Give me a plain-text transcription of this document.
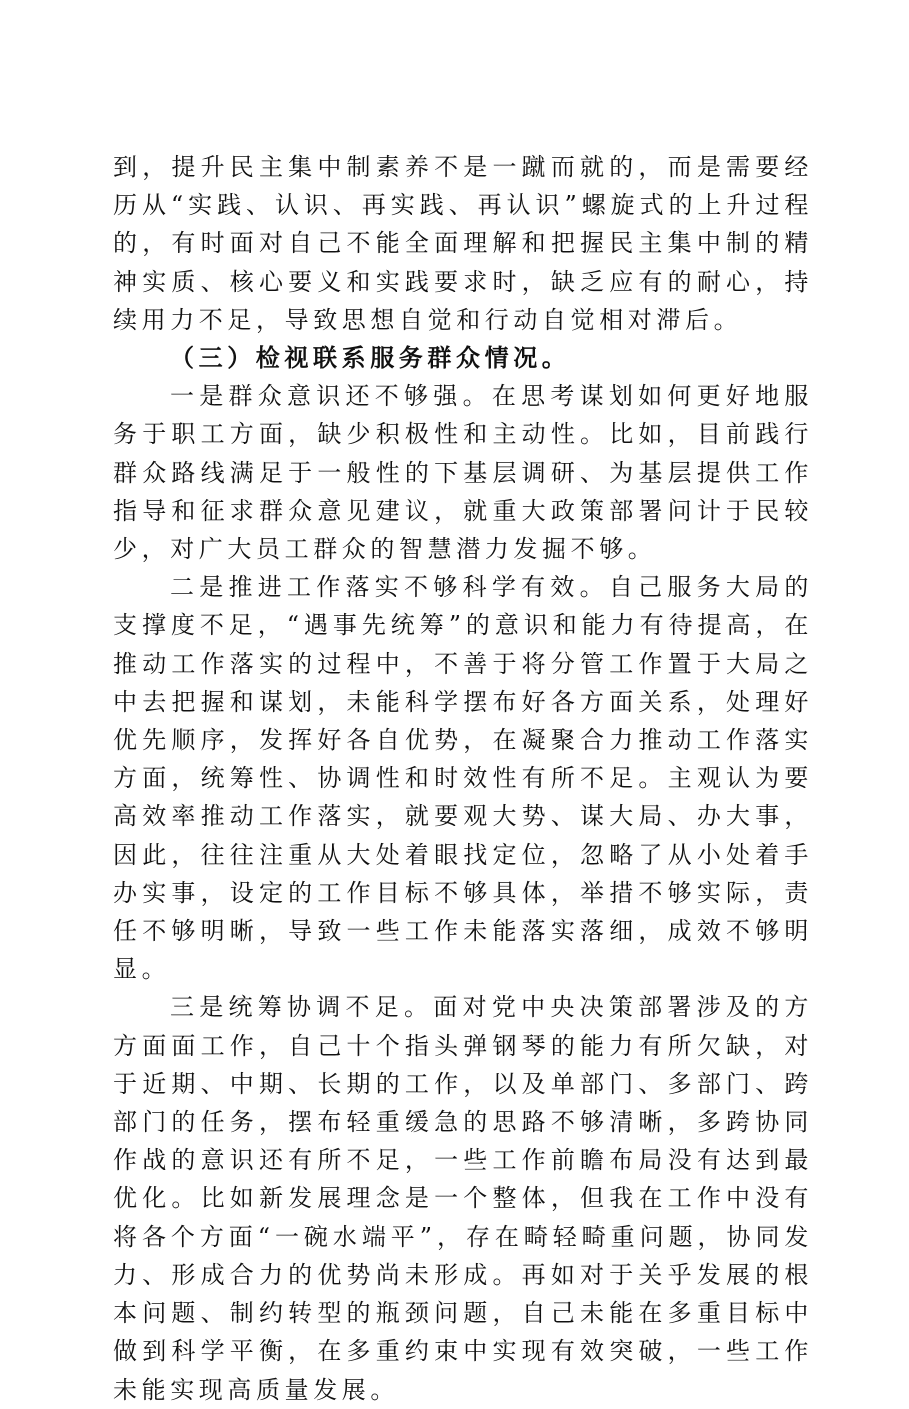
到，提升民主集中制素养不是一蹴而就的，而是需要经历从“实践、认识、再实践、再认识”螺旋式的上升过程的，有时面对自己不能全面理解和把握民主集中制的精神实质、核心要义和实践要求时，缺乏应有的耐心，持续用力不足，导致思想自觉和行动自觉相对滞后。

（三）检视联系服务群众情况。

一是群众意识还不够强。在思考谋划如何更好地服务于职工方面，缺少积极性和主动性。比如，目前践行群众路线满足于一般性的下基层调研、为基层提供工作指导和征求群众意见建议，就重大政策部署问计于民较少，对广大员工群众的智慧潜力发掘不够。

二是推进工作落实不够科学有效。自己服务大局的支撑度不足，“遇事先统筹”的意识和能力有待提高，在推动工作落实的过程中，不善于将分管工作置于大局之中去把握和谋划，未能科学摆布好各方面关系，处理好优先顺序，发挥好各自优势，在凝聚合力推动工作落实方面，统筹性、协调性和时效性有所不足。主观认为要高效率推动工作落实，就要观大势、谋大局、办大事，因此，往往注重从大处着眼找定位，忽略了从小处着手办实事，设定的工作目标不够具体，举措不够实际，责任不够明晰，导致一些工作未能落实落细，成效不够明显。

三是统筹协调不足。面对党中央决策部署涉及的方方面面工作，自己十个指头弹钢琴的能力有所欠缺，对于近期、中期、长期的工作，以及单部门、多部门、跨部门的任务，摆布轻重缓急的思路不够清晰，多跨协同作战的意识还有所不足，一些工作前瞻布局没有达到最优化。比如新发展理念是一个整体，但我在工作中没有将各个方面“一碗水端平”，存在畸轻畸重问题，协同发力、形成合力的优势尚未形成。再如对于关乎发展的根本问题、制约转型的瓶颈问题，自己未能在多重目标中做到科学平衡，在多重约束中实现有效突破，一些工作未能实现高质量发展。
